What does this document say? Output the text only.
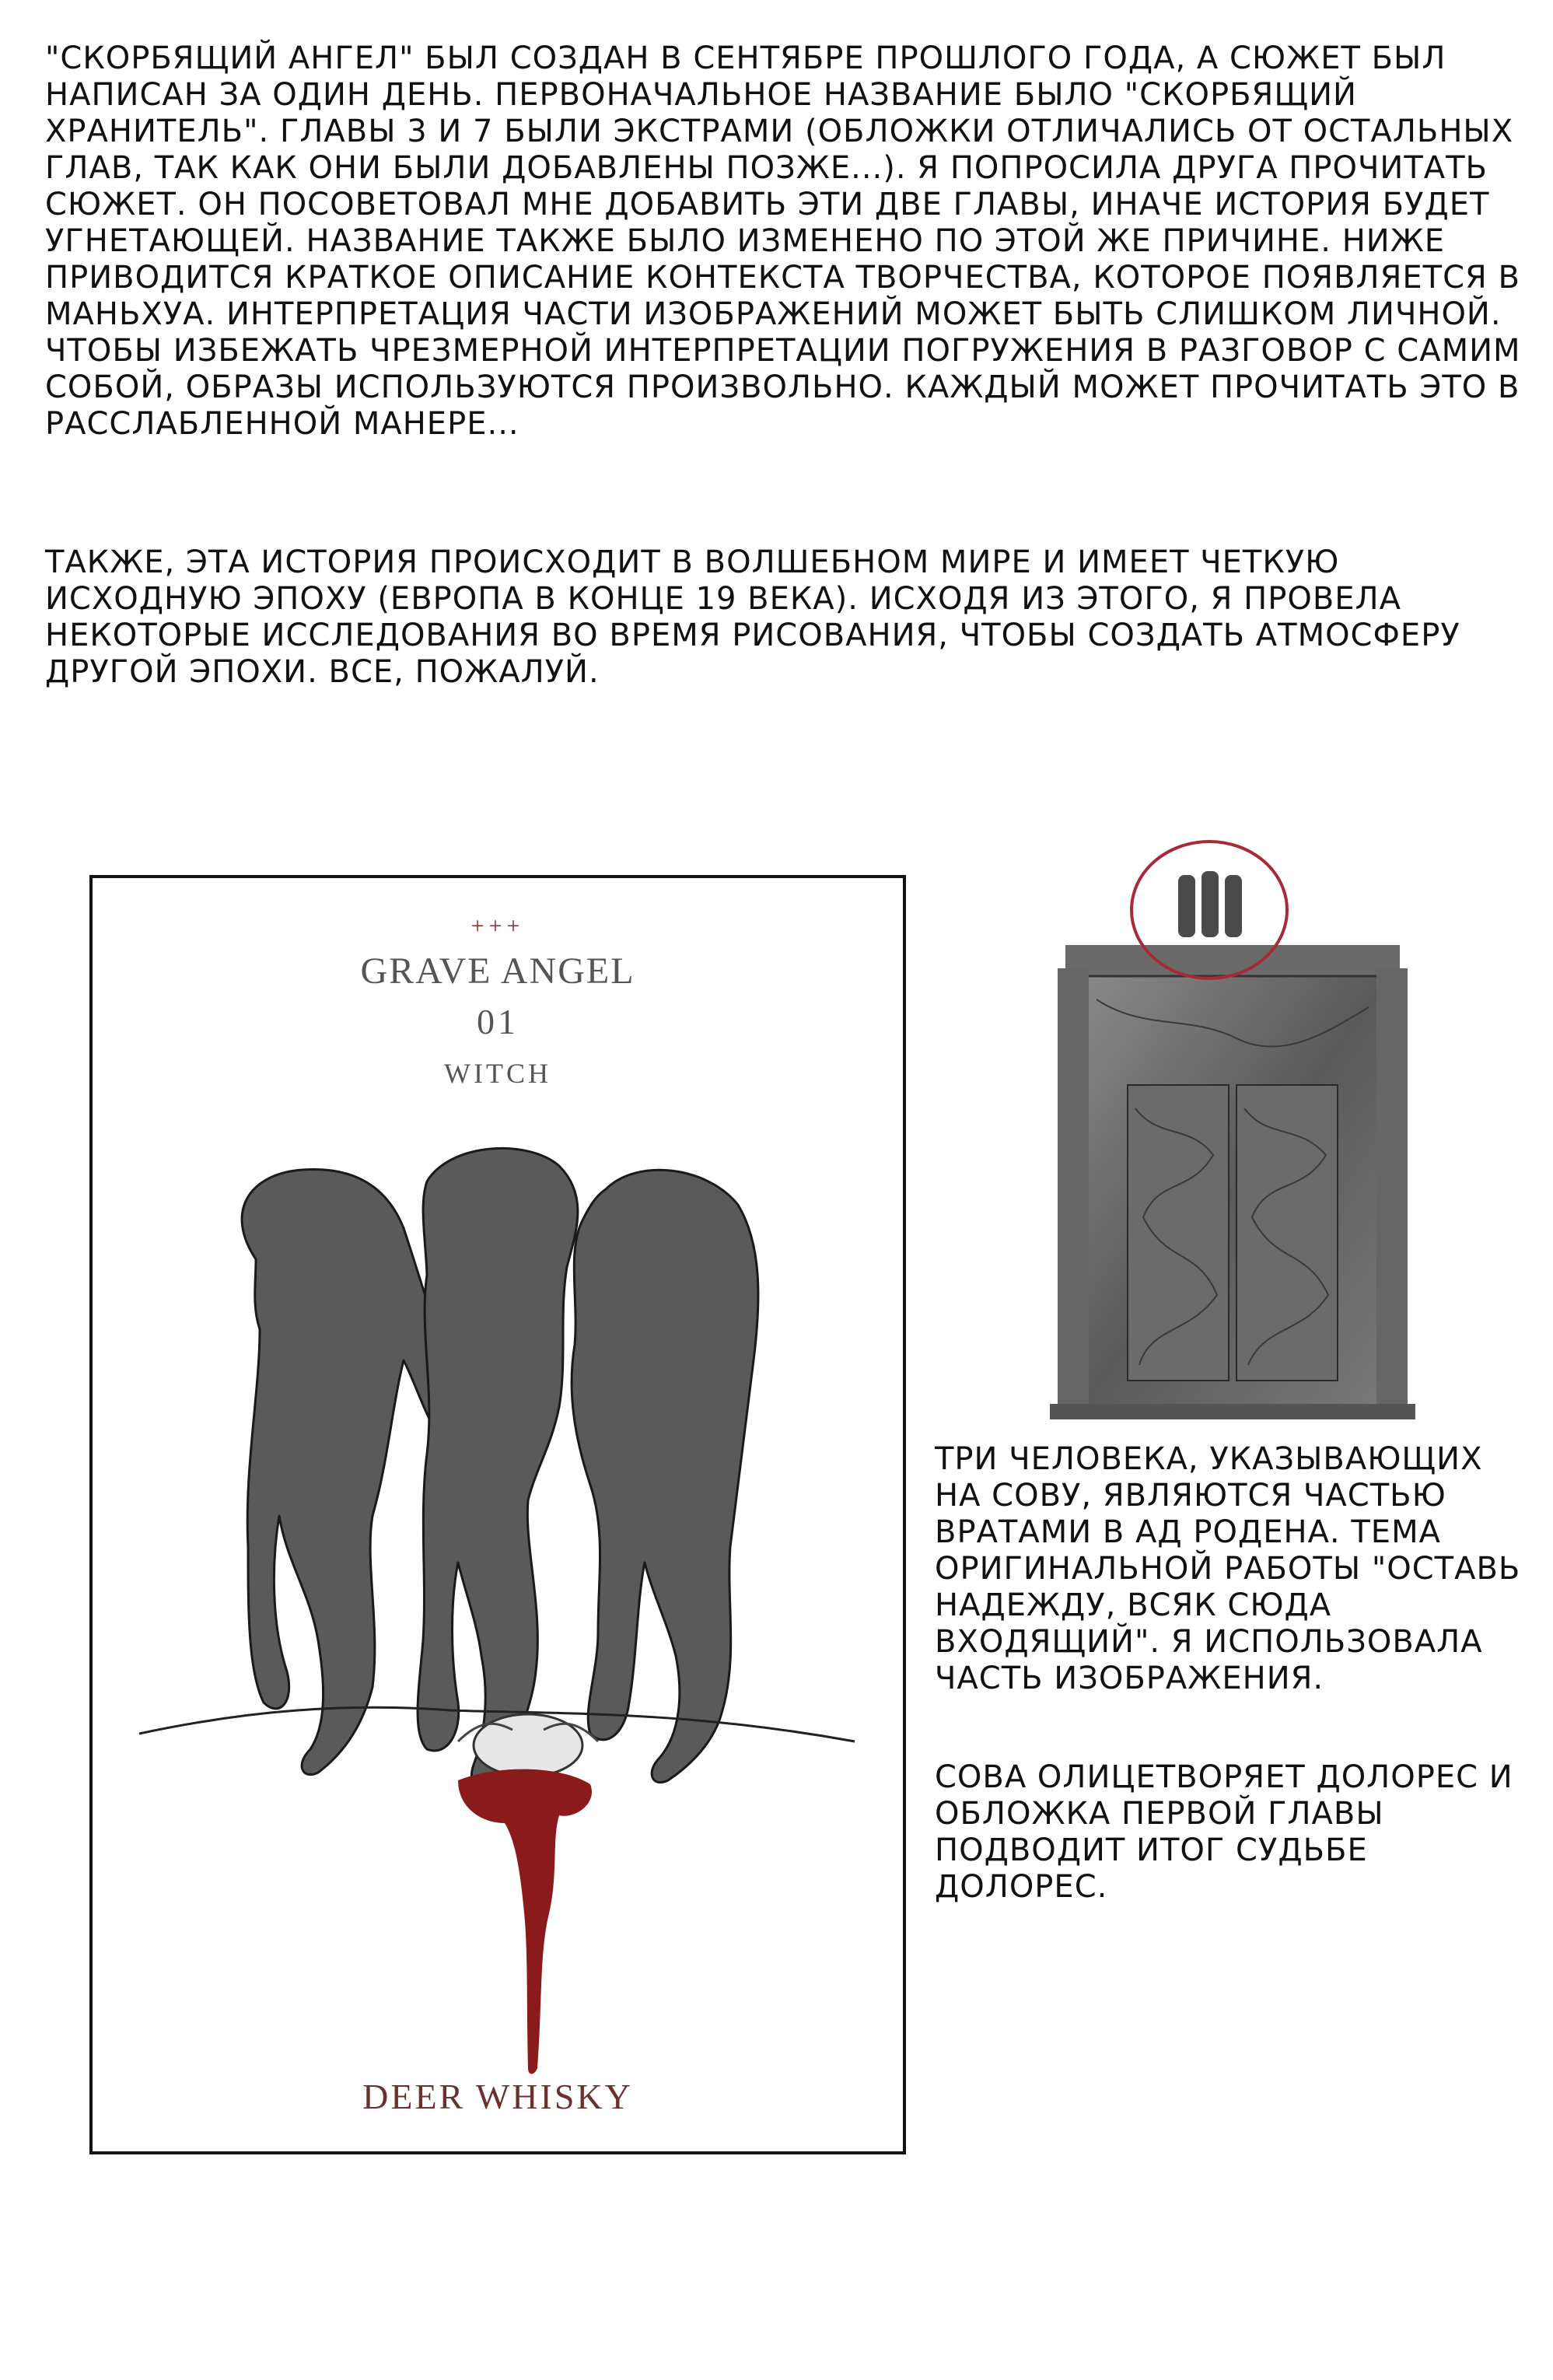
"СКОРБЯЩИЙ АНГЕЛ" БЫЛ СОЗДАН В СЕНТЯБРЕ ПРОШЛОГО ГОДА, А СЮЖЕТ БЫЛ НАПИСАН ЗА ОДИН ДЕНЬ. ПЕРВОНАЧАЛЬНОЕ НАЗВАНИЕ БЫЛО "СКОРБЯЩИЙ ХРАНИТЕЛЬ". ГЛАВЫ 3 И 7 БЫЛИ ЭКСТРАМИ (ОБЛОЖКИ ОТЛИЧАЛИСЬ ОТ ОСТАЛЬНЫХ ГЛАВ, ТАК КАК ОНИ БЫЛИ ДОБАВЛЕНЫ ПОЗЖЕ...). Я ПОПРОСИЛА ДРУГА ПРОЧИТАТЬ СЮЖЕТ. ОН ПОСОВЕТОВАЛ МНЕ ДОБАВИТЬ ЭТИ ДВЕ ГЛАВЫ, ИНАЧЕ ИСТОРИЯ БУДЕТ УГНЕТАЮЩЕЙ. НАЗВАНИЕ ТАКЖЕ БЫЛО ИЗМЕНЕНО ПО ЭТОЙ ЖЕ ПРИЧИНЕ. НИЖЕ ПРИВОДИТСЯ КРАТКОЕ ОПИСАНИЕ КОНТЕКСТА ТВОРЧЕСТВА, КОТОРОЕ ПОЯВЛЯЕТСЯ В МАНЬХУА. ИНТЕРПРЕТАЦИЯ ЧАСТИ ИЗОБРАЖЕНИЙ МОЖЕТ БЫТЬ СЛИШКОМ ЛИЧНОЙ. ЧТОБЫ ИЗБЕЖАТЬ ЧРЕЗМЕРНОЙ ИНТЕРПРЕТАЦИИ ПОГРУЖЕНИЯ В РАЗГОВОР С САМИМ СОБОЙ, ОБРАЗЫ ИСПОЛЬЗУЮТСЯ ПРОИЗВОЛЬНО. КАЖДЫЙ МОЖЕТ ПРОЧИТАТЬ ЭТО В РАССЛАБЛЕННОЙ МАНЕРЕ...

ТАКЖЕ, ЭТА ИСТОРИЯ ПРОИСХОДИТ В ВОЛШЕБНОМ МИРЕ И ИМЕЕТ ЧЕТКУЮ ИСХОДНУЮ ЭПОХУ (ЕВРОПА В КОНЦЕ 19 ВЕКА). ИСХОДЯ ИЗ ЭТОГО, Я ПРОВЕЛА НЕКОТОРЫЕ ИССЛЕДОВАНИЯ ВО ВРЕМЯ РИСОВАНИЯ, ЧТОБЫ СОЗДАТЬ АТМОСФЕРУ ДРУГОЙ ЭПОХИ. ВСЕ, ПОЖАЛУЙ.

+++
GRAVE ANGEL
01
WITCH
DEER WHISKY

ТРИ ЧЕЛОВЕКА, УКАЗЫВАЮЩИХ НА СОВУ, ЯВЛЯЮТСЯ ЧАСТЬЮ ВРАТАМИ В АД РОДЕНА. ТЕМА ОРИГИНАЛЬНОЙ РАБОТЫ "ОСТАВЬ НАДЕЖДУ, ВСЯК СЮДА ВХОДЯЩИЙ". Я ИСПОЛЬЗОВАЛА ЧАСТЬ ИЗОБРАЖЕНИЯ.

СОВА ОЛИЦЕТВОРЯЕТ ДОЛОРЕС И ОБЛОЖКА ПЕРВОЙ ГЛАВЫ ПОДВОДИТ ИТОГ СУДЬБЕ ДОЛОРЕС.
